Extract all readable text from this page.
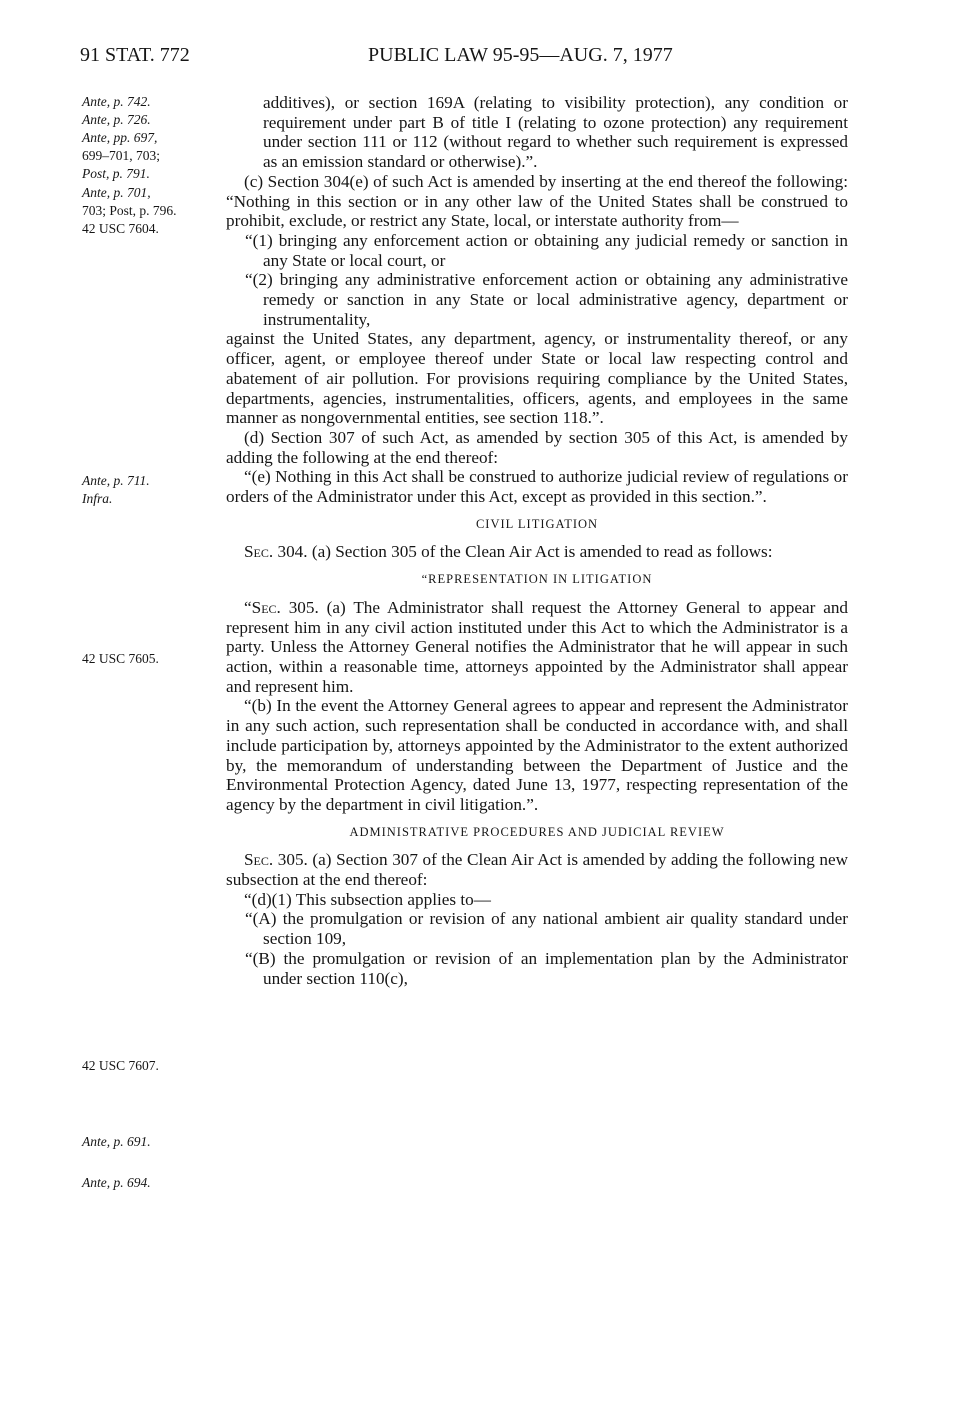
91 STAT. 772	PUBLIC LAW 95-95—AUG. 7, 1977
Ante, p. 742.
Ante, p. 726.
Ante, pp. 697,
699–701, 703;
Post, p. 791.
Ante, p. 701,
703; Post, p. 796.
42 USC 7604.
Ante, p. 711.
Infra.
42 USC 7605.
42 USC 7607.
Ante, p. 691.
Ante, p. 694.

additives), or section 169A (relating to visibility protection), any condition or requirement under part B of title I (relating to ozone protection) any requirement under section 111 or 112 (without regard to whether such requirement is expressed as an emission standard or otherwise).”.

(c) Section 304(e) of such Act is amended by inserting at the end thereof the following: “Nothing in this section or in any other law of the United States shall be construed to prohibit, exclude, or restrict any State, local, or interstate authority from—

“(1) bringing any enforcement action or obtaining any judicial remedy or sanction in any State or local court, or

“(2) bringing any administrative enforcement action or obtaining any administrative remedy or sanction in any State or local administrative agency, department or instrumentality,

against the United States, any department, agency, or instrumentality thereof, or any officer, agent, or employee thereof under State or local law respecting control and abatement of air pollution. For provisions requiring compliance by the United States, departments, agencies, instrumentalities, officers, agents, and employees in the same manner as nongovernmental entities, see section 118.”.

(d) Section 307 of such Act, as amended by section 305 of this Act, is amended by adding the following at the end thereof:

“(e) Nothing in this Act shall be construed to authorize judicial review of regulations or orders of the Administrator under this Act, except as provided in this section.”.

CIVIL LITIGATION

Sec. 304. (a) Section 305 of the Clean Air Act is amended to read as follows:

“REPRESENTATION IN LITIGATION

“Sec. 305. (a) The Administrator shall request the Attorney General to appear and represent him in any civil action instituted under this Act to which the Administrator is a party. Unless the Attorney General notifies the Administrator that he will appear in such action, within a reasonable time, attorneys appointed by the Administrator shall appear and represent him.

“(b) In the event the Attorney General agrees to appear and represent the Administrator in any such action, such representation shall be conducted in accordance with, and shall include participation by, attorneys appointed by the Administrator to the extent authorized by, the memorandum of understanding between the Department of Justice and the Environmental Protection Agency, dated June 13, 1977, respecting representation of the agency by the department in civil litigation.”.

ADMINISTRATIVE PROCEDURES AND JUDICIAL REVIEW

Sec. 305. (a) Section 307 of the Clean Air Act is amended by adding the following new subsection at the end thereof:

“(d)(1) This subsection applies to—

“(A) the promulgation or revision of any national ambient air quality standard under section 109,

“(B) the promulgation or revision of an implementation plan by the Administrator under section 110(c),
